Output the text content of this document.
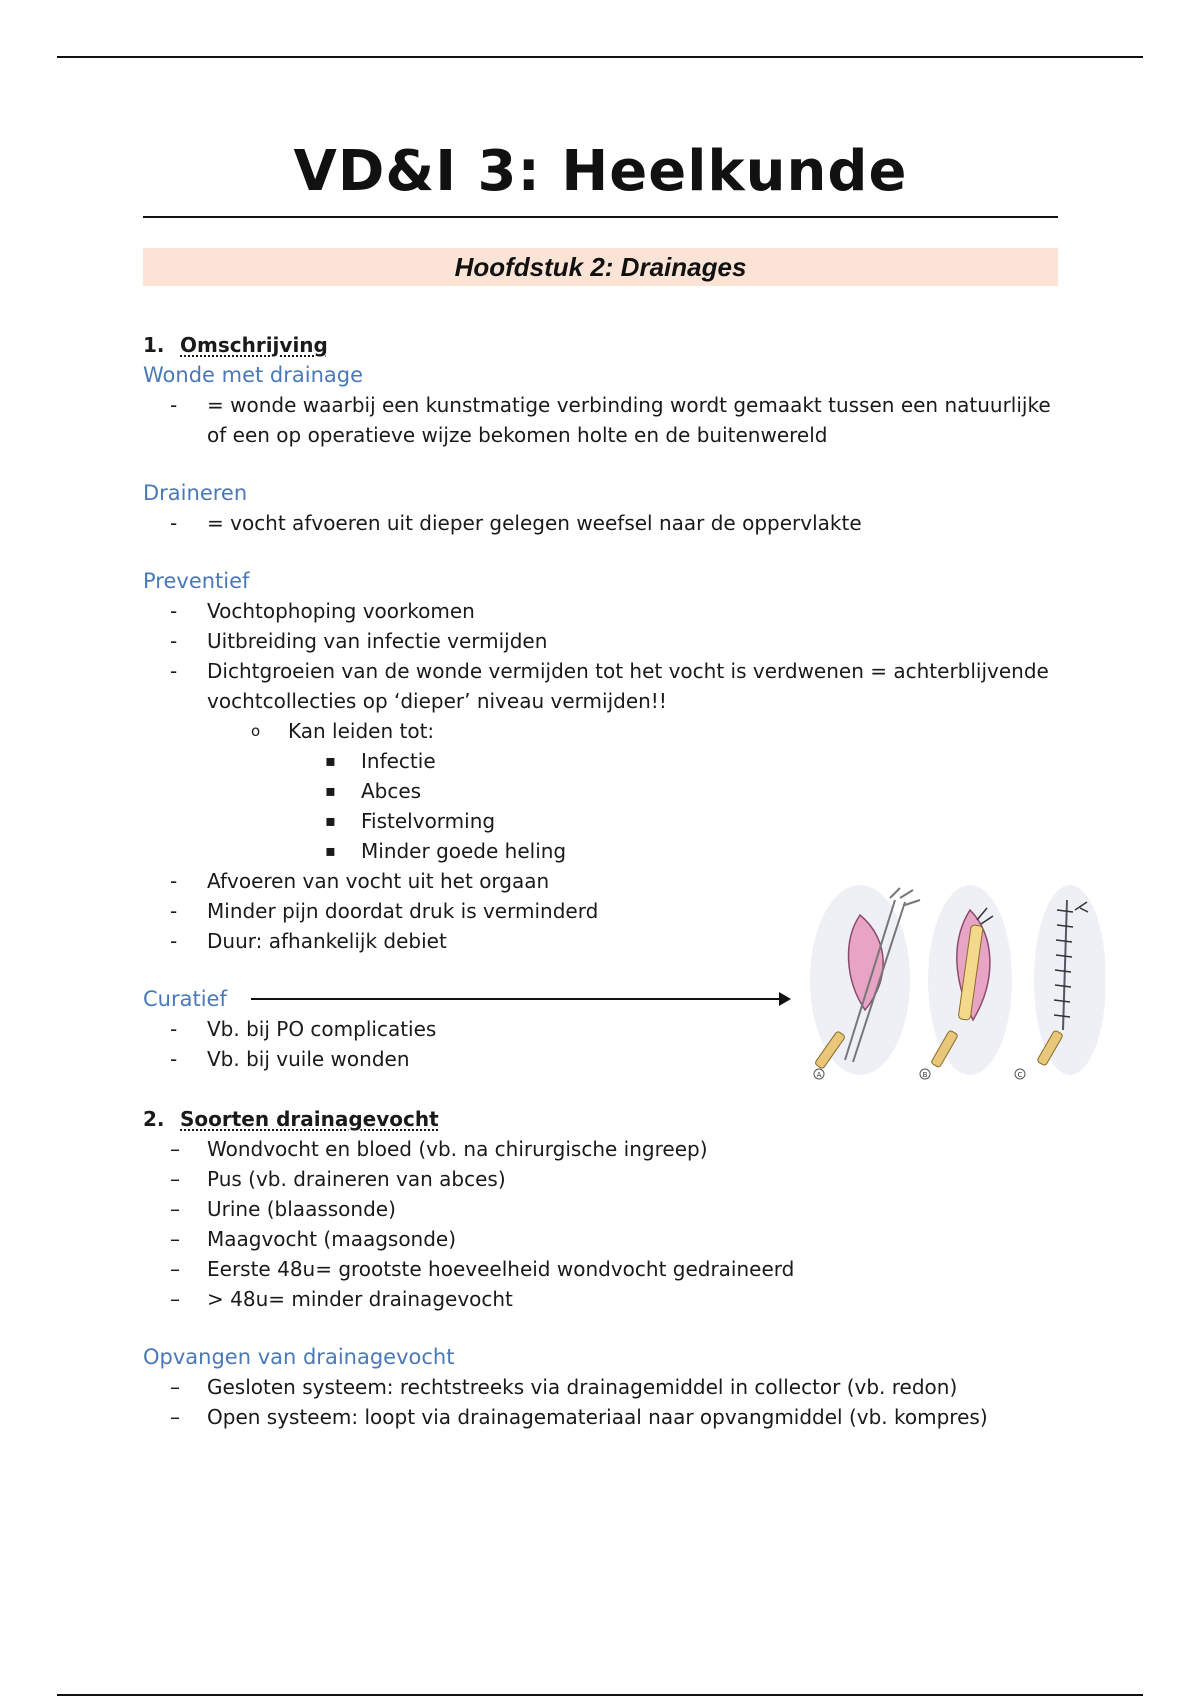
VD&I 3: Heelkunde
Hoofdstuk 2: Drainages
1. Omschrijving
Wonde met drainage
- = wonde waarbij een kunstmatige verbinding wordt gemaakt tussen een natuurlijke of een op operatieve wijze bekomen holte en de buitenwereld
Draineren
- = vocht afvoeren uit dieper gelegen weefsel naar de oppervlakte
Preventief
- Vochtophoping voorkomen
- Uitbreiding van infectie vermijden
- Dichtgroeien van de wonde vermijden tot het vocht is verdwenen = achterblijvende vochtcollecties op ‘dieper’ niveau vermijden!!
o Kan leiden tot:
▪ Infectie
▪ Abces
▪ Fistelvorming
▪ Minder goede heling
- Afvoeren van vocht uit het orgaan
- Minder pijn doordat druk is verminderd
- Duur: afhankelijk debiet
Curatief
- Vb. bij PO complicaties
- Vb. bij vuile wonden
2. Soorten drainagevocht
– Wondvocht en bloed (vb. na chirurgische ingreep)
– Pus (vb. draineren van abces)
– Urine (blaassonde)
– Maagvocht (maagsonde)
– Eerste 48u= grootste hoeveelheid wondvocht gedraineerd
– > 48u= minder drainagevocht
Opvangen van drainagevocht
– Gesloten systeem: rechtstreeks via drainagemiddel in collector (vb. redon)
– Open systeem: loopt via drainagemateriaal naar opvangmiddel (vb. kompres)
A	B	C
